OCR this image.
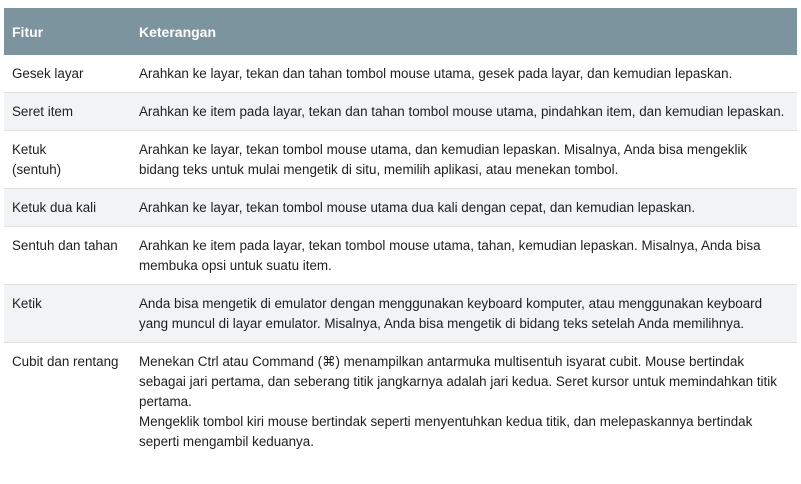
Fitur	Keterangan
Gesek layar	Arahkan ke layar, tekan dan tahan tombol mouse utama, gesek pada layar, dan kemudian lepaskan.

Seret item	Arahkan ke item pada layar, tekan dan tahan tombol mouse utama, pindahkan item, dan kemudian lepaskan.

Ketuk
(sentuh)	Arahkan ke layar, tekan tombol mouse utama, dan kemudian lepaskan. Misalnya, Anda bisa mengeklik bidang teks untuk mulai mengetik di situ, memilih aplikasi, atau menekan tombol.

Ketuk dua kali	Arahkan ke layar, tekan tombol mouse utama dua kali dengan cepat, dan kemudian lepaskan.

Sentuh dan tahan	Arahkan ke item pada layar, tekan tombol mouse utama, tahan, kemudian lepaskan. Misalnya, Anda bisa membuka opsi untuk suatu item.

Ketik	Anda bisa mengetik di emulator dengan menggunakan keyboard komputer, atau menggunakan keyboard yang muncul di layar emulator. Misalnya, Anda bisa mengetik di bidang teks setelah Anda memilihnya.

Cubit dan rentang	Menekan Ctrl atau Command (⌘) menampilkan antarmuka multisentuh isyarat cubit. Mouse bertindak sebagai jari pertama, dan seberang titik jangkarnya adalah jari kedua. Seret kursor untuk memindahkan titik pertama.
Mengeklik tombol kiri mouse bertindak seperti menyentuhkan kedua titik, dan melepaskannya bertindak seperti mengambil keduanya.
